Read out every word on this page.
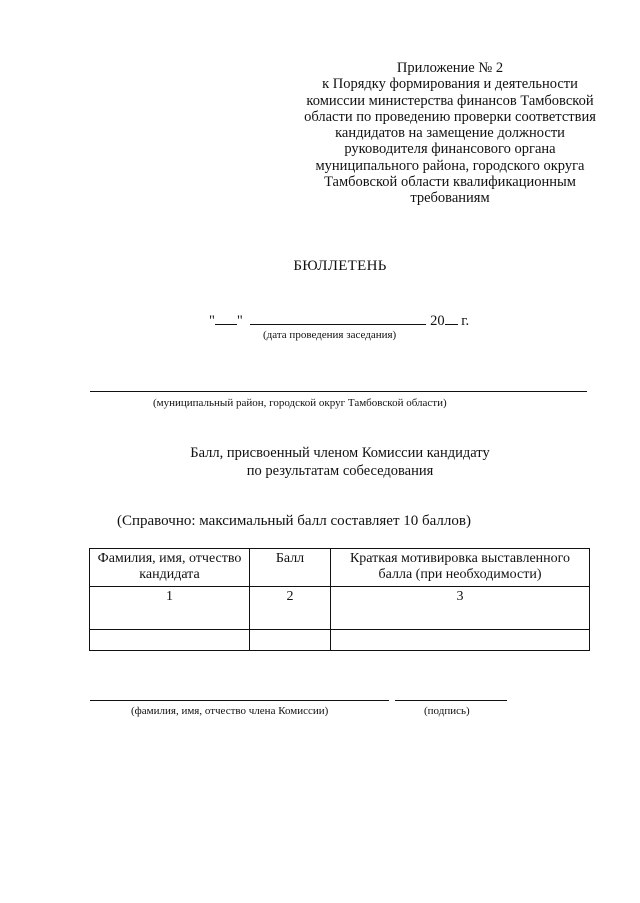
Приложение № 2
к Порядку формирования и деятельности
комиссии министерства финансов Тамбовской
области по проведению проверки соответствия
кандидатов на замещение должности
руководителя финансового органа
муниципального района, городского округа
Тамбовской области квалификационным
требованиям
БЮЛЛЕТЕНЬ
" "	20 г.
(дата проведения заседания)
(муниципальный район, городской округ Тамбовской области)
Балл, присвоенный членом Комиссии кандидату
по результатам собеседования
(Справочно: максимальный балл составляет 10 баллов)
Фамилия, имя, отчество кандидата	Балл	Краткая мотивировка выставленного балла (при необходимости)
1	2	3

(фамилия, имя, отчество члена Комиссии)	(подпись)
